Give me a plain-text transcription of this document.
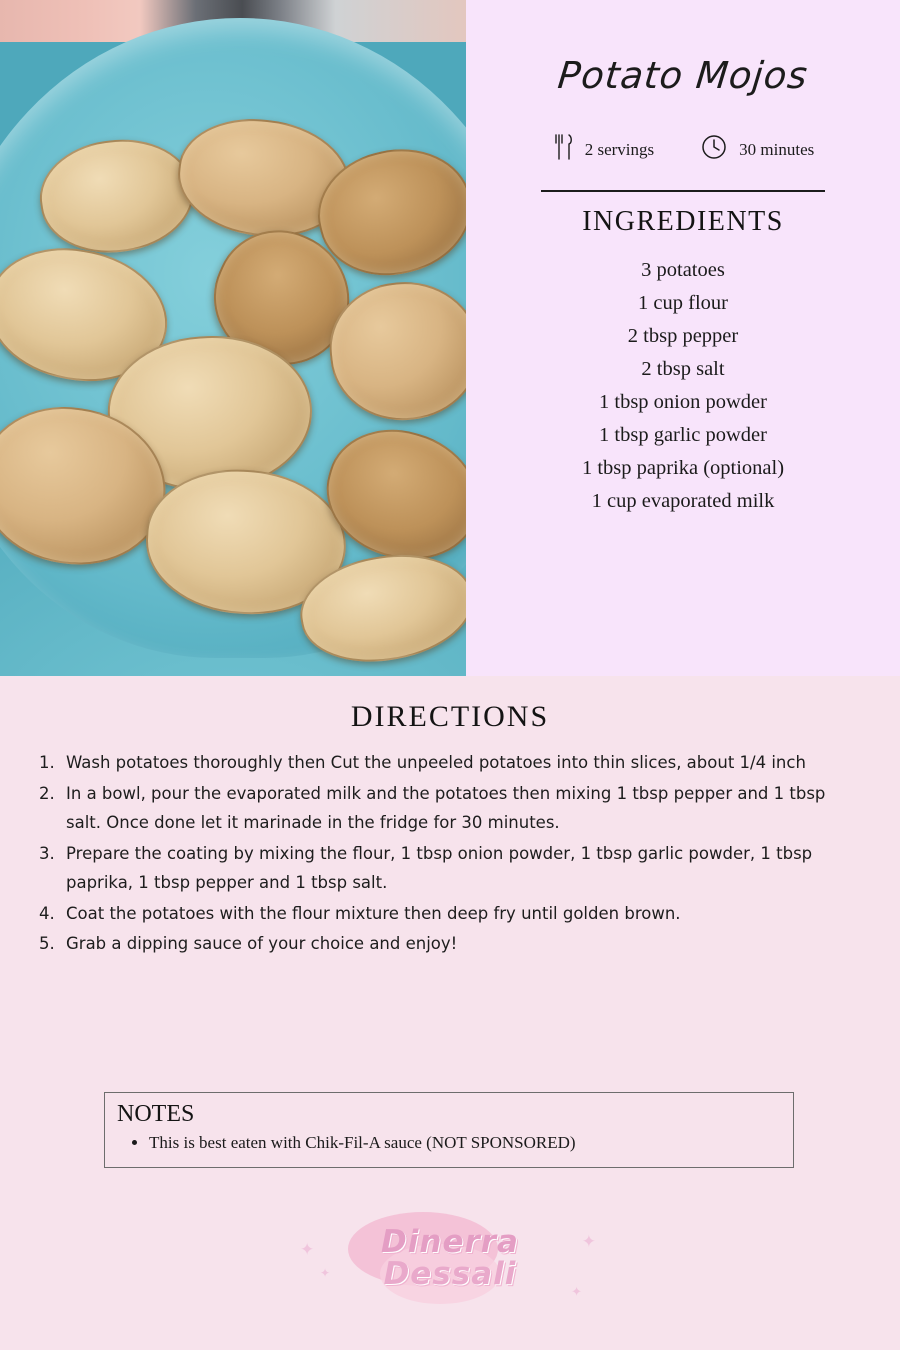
Potato Mojos
2 servings	30 minutes
INGREDIENTS
3 potatoes
1 cup flour
2 tbsp pepper
2 tbsp salt
1 tbsp onion powder
1 tbsp garlic powder
1 tbsp paprika (optional)
1 cup evaporated milk
DIRECTIONS
1. Wash potatoes thoroughly then Cut the unpeeled potatoes into thin slices, about 1/4 inch
2. In a bowl, pour the evaporated milk and the potatoes then mixing 1 tbsp pepper and 1 tbsp salt. Once done let it marinade in the fridge for 30 minutes.
3. Prepare the coating by mixing the flour, 1 tbsp onion powder, 1 tbsp garlic powder, 1 tbsp paprika, 1 tbsp pepper and 1 tbsp salt.
4. Coat the potatoes with the flour mixture then deep fry until golden brown.
5. Grab a dipping sauce of your choice and enjoy!
NOTES
• This is best eaten with Chik-Fil-A sauce (NOT SPONSORED)
✦
✦
✦
✦
Dinerra
Dessali
